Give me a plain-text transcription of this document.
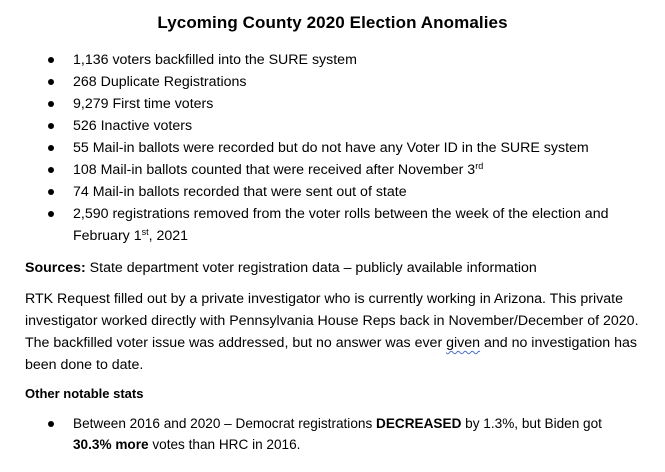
Lycoming County 2020 Election Anomalies
1,136 voters backfilled into the SURE system
268 Duplicate Registrations
9,279 First time voters
526 Inactive voters
55 Mail-in ballots were recorded but do not have any Voter ID in the SURE system
108 Mail-in ballots counted that were received after November 3rd
74 Mail-in ballots recorded that were sent out of state
2,590 registrations removed from the voter rolls between the week of the election and February 1st, 2021

Sources: State department voter registration data – publicly available information

RTK Request filled out by a private investigator who is currently working in Arizona. This private investigator worked directly with Pennsylvania House Reps back in November/December of 2020. The backfilled voter issue was addressed, but no answer was ever given and no investigation has been done to date.

Other notable stats

Between 2016 and 2020 – Democrat registrations DECREASED by 1.3%, but Biden got
30.3% more votes than HRC in 2016.
